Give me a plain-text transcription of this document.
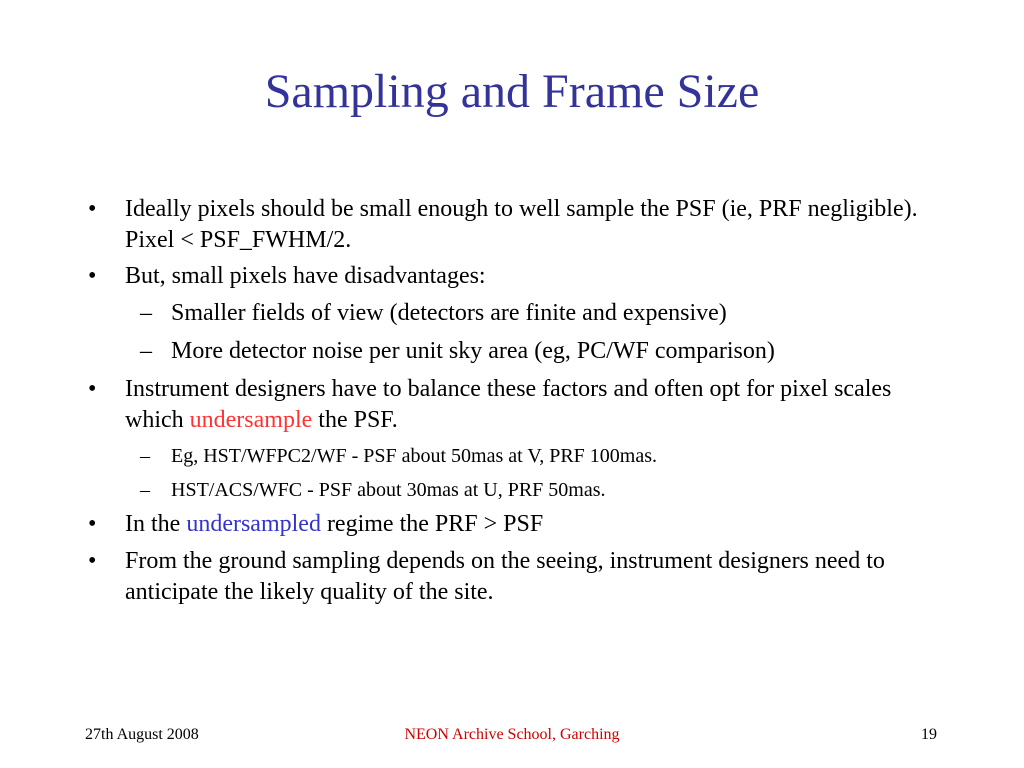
Sampling and Frame Size
• Ideally pixels should be small enough to well sample the PSF (ie, PRF negligible). Pixel < PSF_FWHM/2.
• But, small pixels have disadvantages:
– Smaller fields of view (detectors are finite and expensive)
– More detector noise per unit sky area (eg, PC/WF comparison)
• Instrument designers have to balance these factors and often opt for pixel scales which undersample the PSF.
– Eg, HST/WFPC2/WF - PSF about 50mas at V, PRF 100mas.
– HST/ACS/WFC - PSF about 30mas at U, PRF 50mas.
• In the undersampled regime the PRF > PSF
• From the ground sampling depends on the seeing, instrument designers need to anticipate the likely quality of the site.
27th August 2008	NEON Archive School, Garching	19
